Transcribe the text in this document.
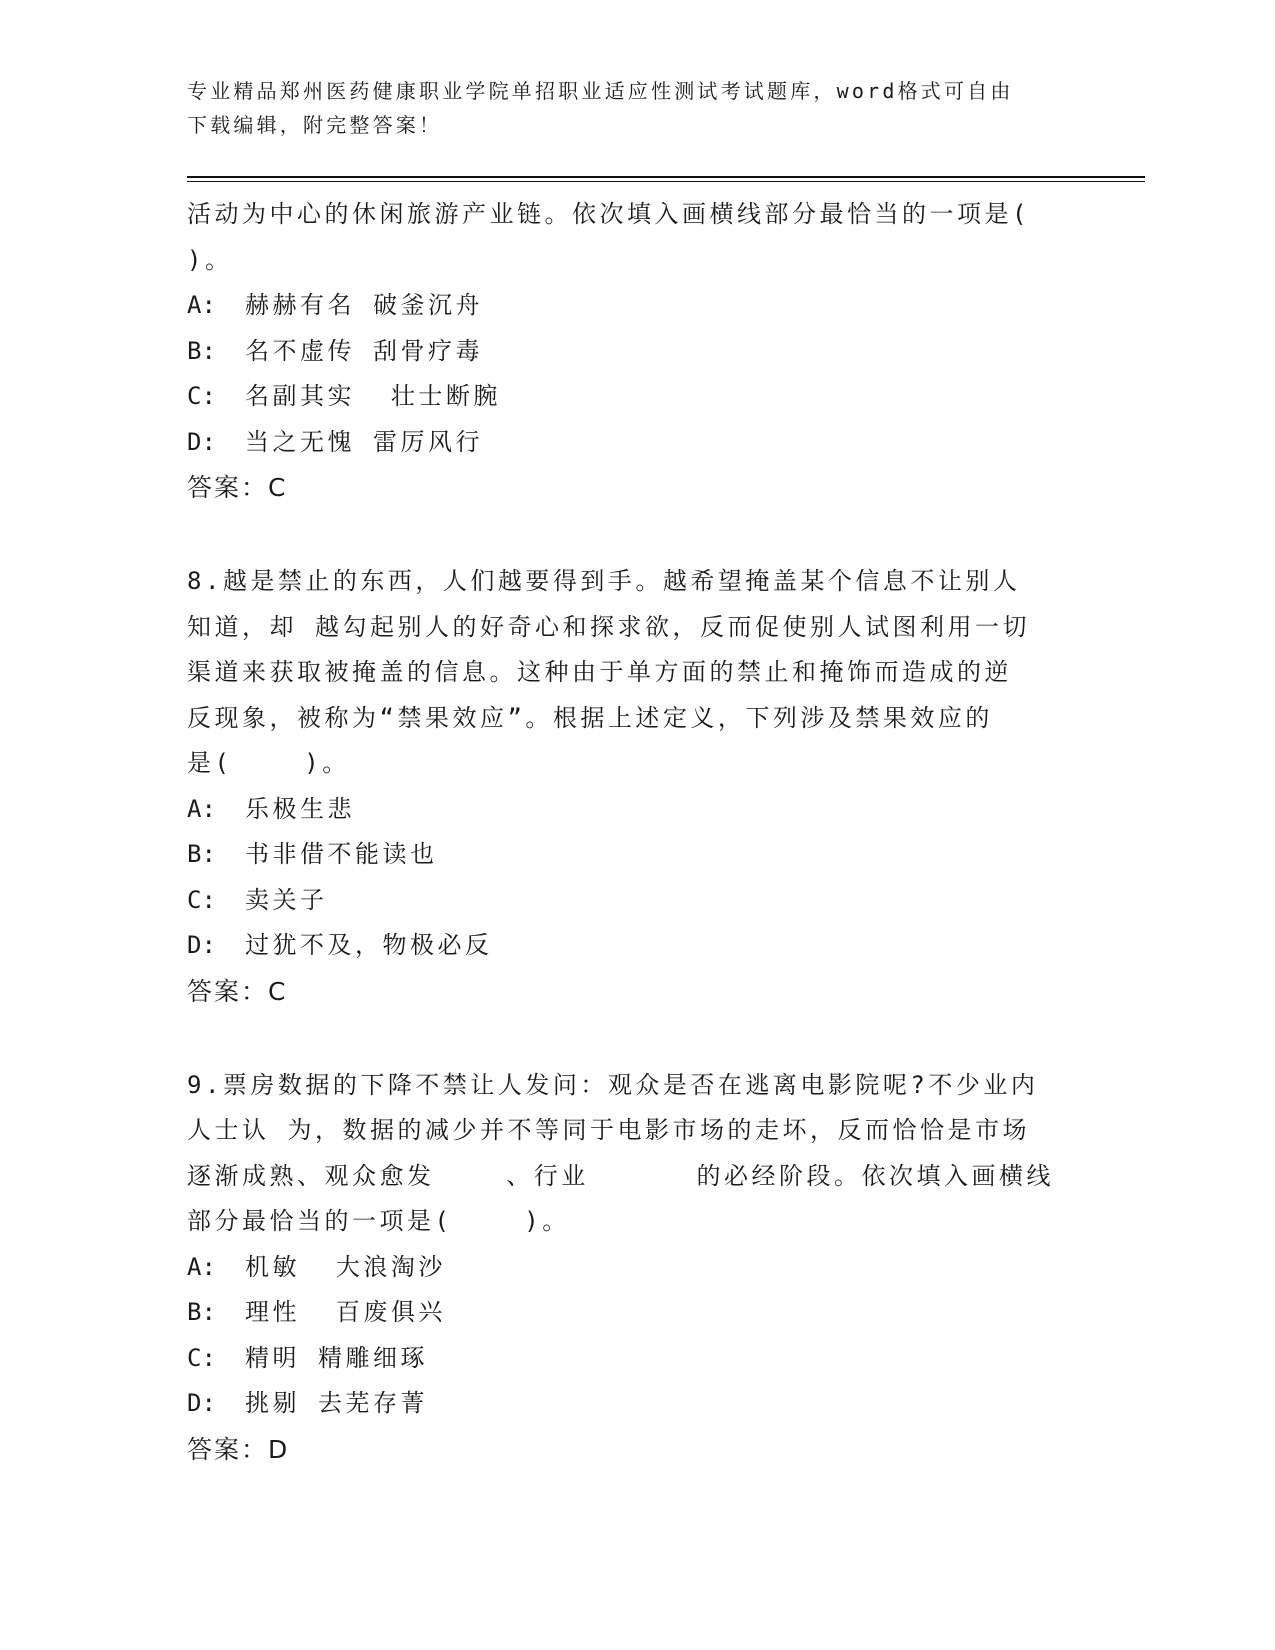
专业精品郑州医药健康职业学院单招职业适应性测试考试题库，word格式可自由
下载编辑，附完整答案！
活动为中心的休闲旅游产业链。依次填入画横线部分最恰当的一项是(
)。
A: 赫赫有名 破釜沉舟
B: 名不虚传 刮骨疗毒
C: 名副其实  壮士断腕
D: 当之无愧 雷厉风行
答案：C
8.越是禁止的东西，人们越要得到手。越希望掩盖某个信息不让别人
知道，却 越勾起别人的好奇心和探求欲，反而促使别人试图利用一切
渠道来获取被掩盖的信息。这种由于单方面的禁止和掩饰而造成的逆
反现象，被称为“禁果效应”。根据上述定义，下列涉及禁果效应的
是(    )。
A: 乐极生悲
B: 书非借不能读也
C: 卖关子
D: 过犹不及，物极必反
答案：C
9.票房数据的下降不禁让人发问：观众是否在逃离电影院呢?不少业内
人士认 为，数据的减少并不等同于电影市场的走坏，反而恰恰是市场
逐渐成熟、观众愈发    、行业      的必经阶段。依次填入画横线
部分最恰当的一项是(    )。
A: 机敏  大浪淘沙
B: 理性  百废俱兴
C: 精明 精雕细琢
D: 挑剔 去芜存菁
答案：D
